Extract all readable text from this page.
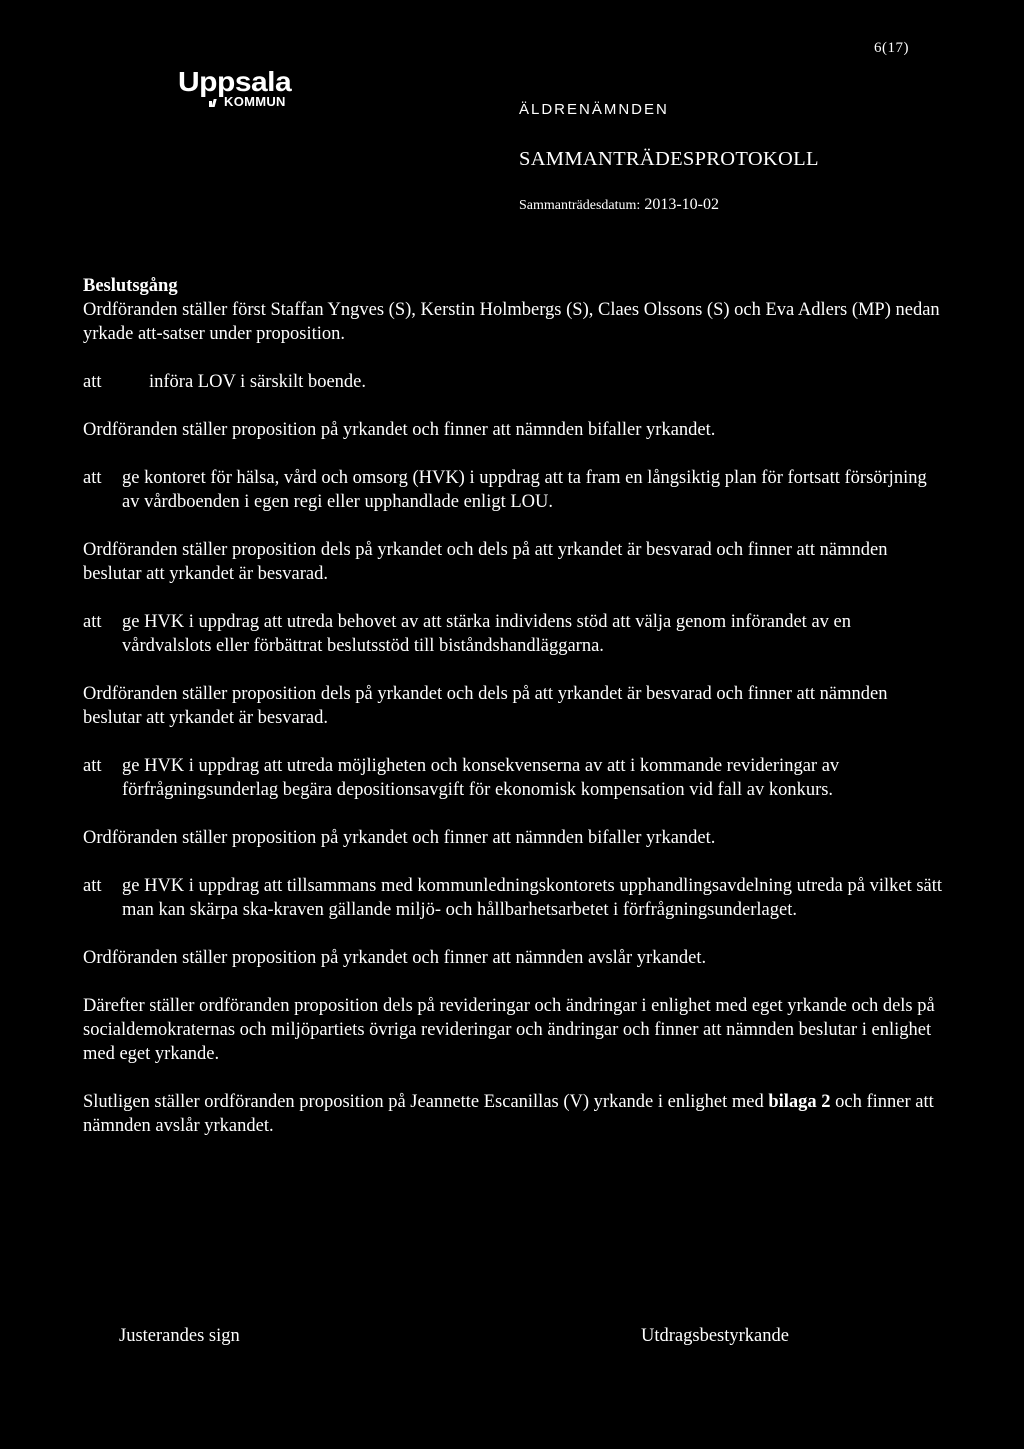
6(17)
Uppsala
KOMMUN	ÄLDRENÄMNDEN
SAMMANTRÄDESPROTOKOLL
Sammanträdesdatum: 2013-10-02

Beslutsgång

Ordföranden ställer först Staffan Yngves (S), Kerstin Holmbergs (S), Claes Olssons (S) och Eva Adlers (MP) nedan yrkade att-satser under proposition.

att	införa LOV i särskilt boende.

Ordföranden ställer proposition på yrkandet och finner att nämnden bifaller yrkandet.

att ge kontoret för hälsa, vård och omsorg (HVK) i uppdrag att ta fram en långsiktig plan för fortsatt försörjning av vårdboenden i egen regi eller upphandlade enligt LOU.

Ordföranden ställer proposition dels på yrkandet och dels på att yrkandet är besvarad och finner att nämnden beslutar att yrkandet är besvarad.

att ge HVK i uppdrag att utreda behovet av att stärka individens stöd att välja genom införandet av en vårdvalslots eller förbättrat beslutsstöd till biståndshandläggarna.

Ordföranden ställer proposition dels på yrkandet och dels på att yrkandet är besvarad och finner att nämnden beslutar att yrkandet är besvarad.

att ge HVK i uppdrag att utreda möjligheten och konsekvenserna av att i kommande revideringar av förfrågningsunderlag begära depositionsavgift för ekonomisk kompensation vid fall av konkurs.

Ordföranden ställer proposition på yrkandet och finner att nämnden bifaller yrkandet.

att ge HVK i uppdrag att tillsammans med kommunledningskontorets upphandlingsavdelning utreda på vilket sätt man kan skärpa ska-kraven gällande miljö- och hållbarhetsarbetet i förfrågningsunderlaget.

Ordföranden ställer proposition på yrkandet och finner att nämnden avslår yrkandet.

Därefter ställer ordföranden proposition dels på revideringar och ändringar i enlighet med eget yrkande och dels på socialdemokraternas och miljöpartiets övriga revideringar och ändringar och finner att nämnden beslutar i enlighet med eget yrkande.

Slutligen ställer ordföranden proposition på Jeannette Escanillas (V) yrkande i enlighet med bilaga 2 och finner att nämnden avslår yrkandet.

Justerandes sign	Utdragsbestyrkande
